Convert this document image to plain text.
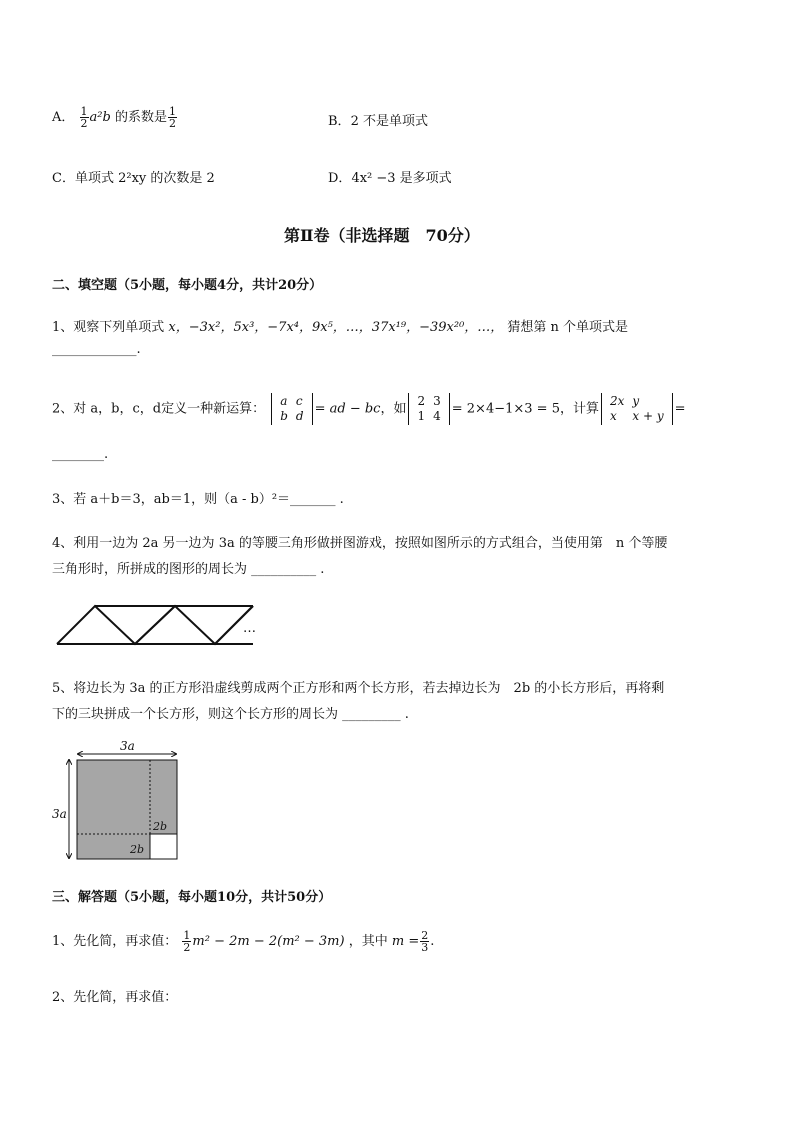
A． $\frac{1}{2} a^2b$ 的系数是 $\frac{1}{2}$	B．2 不是单项式
C．单项式 2²xy 的次数是 2	D．4x² −3 是多项式
第Ⅱ卷（非选择题　70分）
二、填空题（5小题，每小题4分，共计20分）
1、观察下列单项式 x，−3x²，5x³，−7x⁴，9x⁵，…，37x¹⁹，−39x²⁰，…， 猜想第 n 个单项式是
_____________.
2、对 a，b，c，d定义一种新运算：
a	c
b	d = ad − bc，如
2	3
1	4 = 2×4−1×3 = 5，计算
2x	y
x	x + y =
________.
3、若 a＋b＝3，ab＝1，则（a - b）²＝_______ .
4、利用一边为 2a 另一边为 3a 的等腰三角形做拼图游戏，按照如图所示的方式组合，当使用第　n 个等腰
三角形时，所拼成的图形的周长为 __________ .
…
5、将边长为 3a 的正方形沿虚线剪成两个正方形和两个长方形，若去掉边长为　2b 的小长方形后，再将剩
下的三块拼成一个长方形，则这个长方形的周长为 _________ .
3a
3a
2b
2b
三、解答题（5小题，每小题10分，共计50分）
1、先化简，再求值： $\frac{1}{2} m^2 - 2m - 2(m^2 - 3m)$ ，其中 $m = \frac{2}{3}$ .
2、先化简，再求值：
